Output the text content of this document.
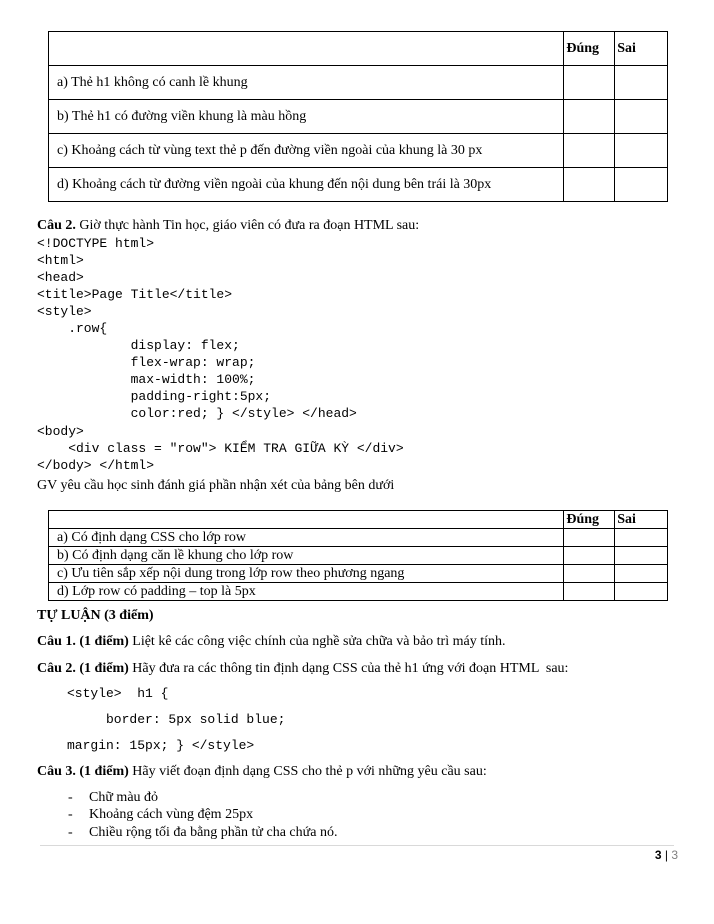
	Đúng	Sai
a) Thẻ h1 không có canh lề khung		
b) Thẻ h1 có đường viền khung là màu hồng		
c) Khoảng cách từ vùng text thẻ p đến đường viền ngoài của khung là 30 px		
d) Khoảng cách từ đường viền ngoài của khung đến nội dung bên trái là 30px		
Câu 2. Giờ thực hành Tin học, giáo viên có đưa ra đoạn HTML sau:
<!DOCTYPE html>
<html>
<head>
<title>Page Title</title>
<style>
.row{
display: flex;
flex-wrap: wrap;
max-width: 100%;
padding-right:5px;
color:red; } </style> </head>
<body>
<div class = "row"> KIỂM TRA GIỮA KỲ </div>
</body> </html>
GV yêu cầu học sinh đánh giá phần nhận xét của bảng bên dưới
	Đúng	Sai
a) Có định dạng CSS cho lớp row		
b) Có định dạng căn lề khung cho lớp row		
c) Ưu tiên sắp xếp nội dung trong lớp row theo phương ngang		
d) Lớp row có padding – top là 5px		
TỰ LUẬN (3 điểm)
Câu 1. (1 điểm) Liệt kê các công việc chính của nghề sửa chữa và bảo trì máy tính.
Câu 2. (1 điểm) Hãy đưa ra các thông tin định dạng CSS của thẻ h1 ứng với đoạn HTML  sau:
<style>  h1 {
border: 5px solid blue;
margin: 15px; } </style>
Câu 3. (1 điểm) Hãy viết đoạn định dạng CSS cho thẻ p với những yêu cầu sau:
- Chữ màu đỏ
- Khoảng cách vùng đệm 25px
- Chiều rộng tối đa bằng phần tử cha chứa nó.
3 | 3
